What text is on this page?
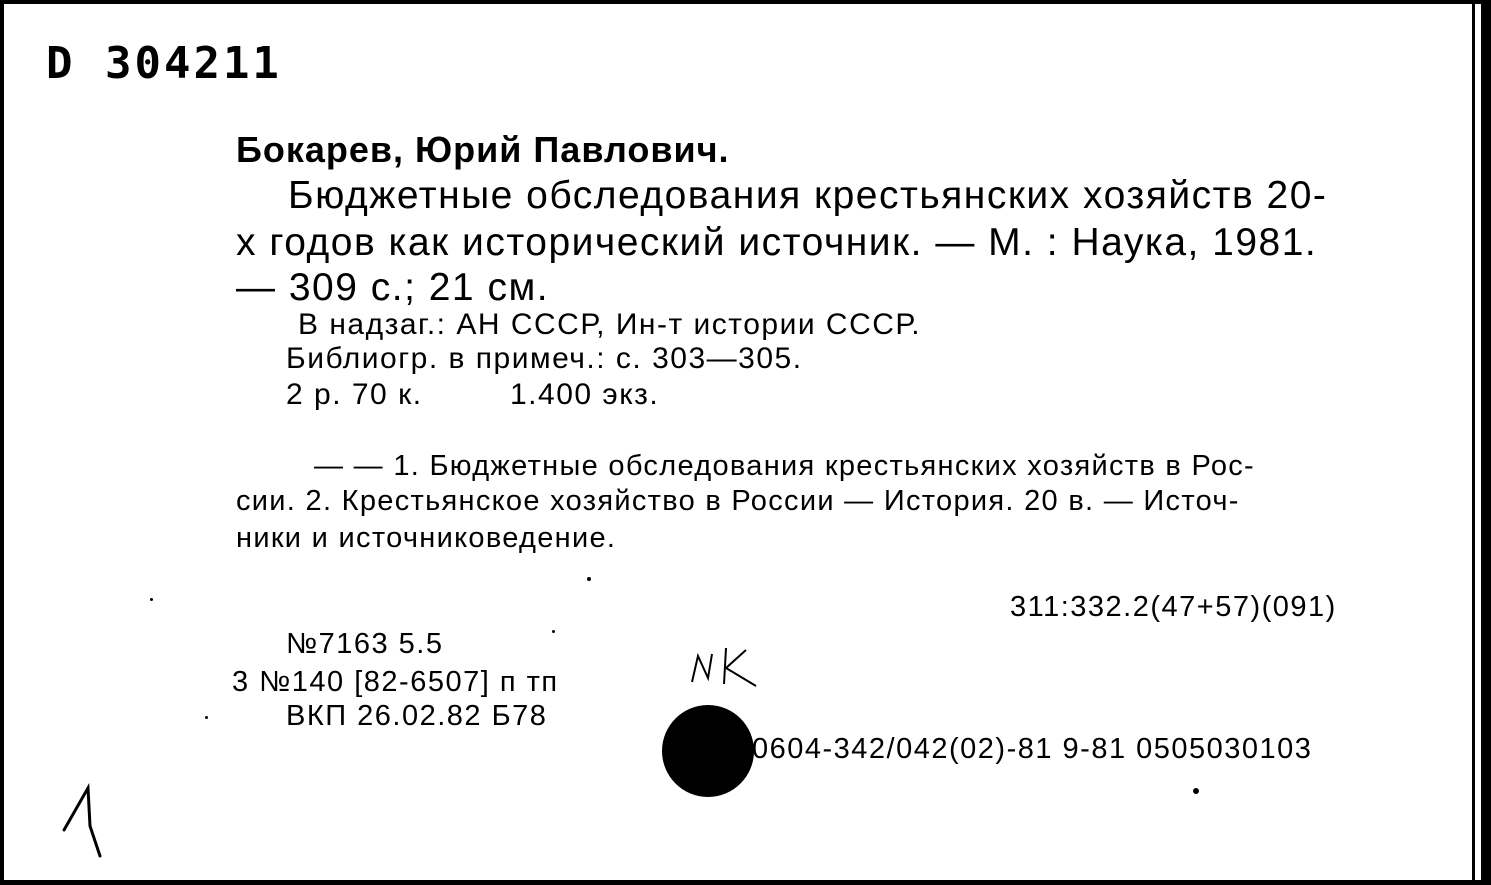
D 304211
Бокарев, Юрий Павлович.
Бюджетные обследования крестьянских хозяйств 20-
х годов как исторический источник. — М. : Наука, 1981.
— 309 с.; 21 см.
В надзаг.: АН СССР, Ин-т истории СССР.
Библиогр. в примеч.: с. 303—305.
2 р. 70 к.	1.400 экз.
— — 1. Бюджетные обследования крестьянских хозяйств в Рос-
сии. 2. Крестьянское хозяйство в России — История. 20 в. — Источ-
ники и источниковедение.
311:332.2(47+57)(091)
№7163 5.5
3 №140 [82-6507] п тп
ВКП 26.02.82 Б78
0604-342/042(02)-81 9-81 0505030103
